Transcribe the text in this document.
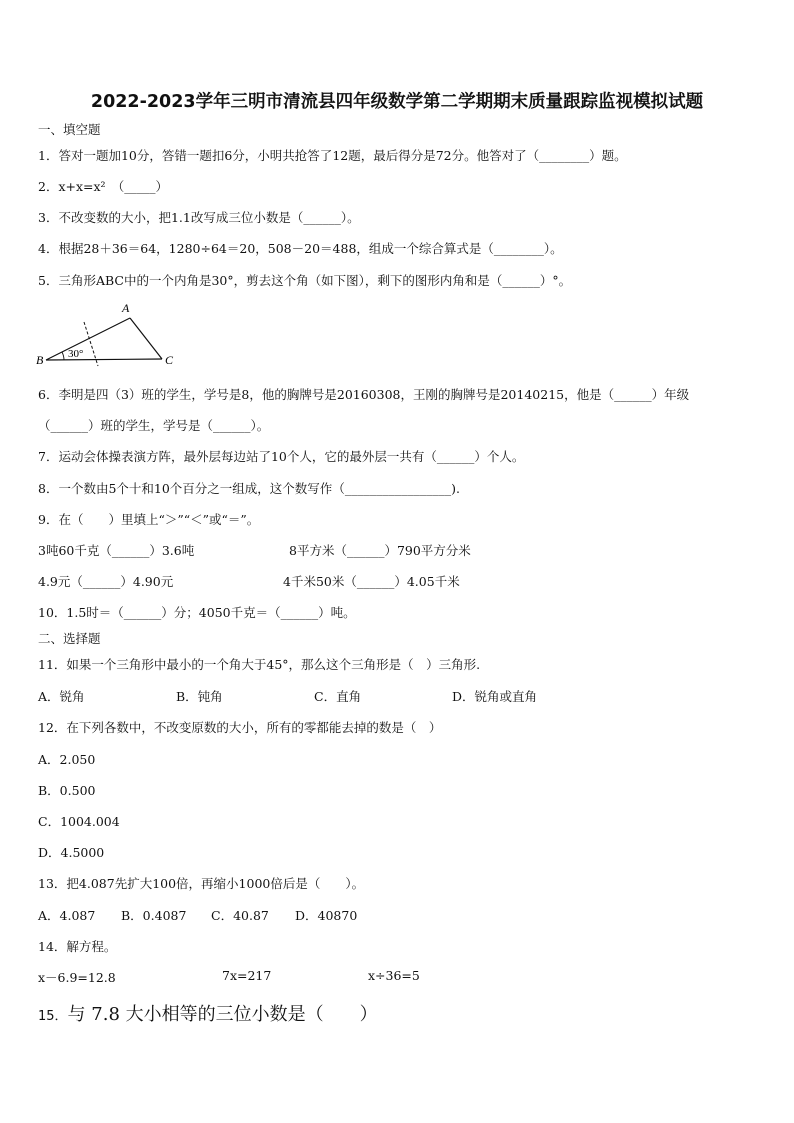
2022-2023学年三明市清流县四年级数学第二学期期末质量跟踪监视模拟试题
一、填空题
1．答对一题加10分，答错一题扣6分，小明共抢答了12题，最后得分是72分。他答对了（________）题。
2．x+x=x²　（_____）
3．不改变数的大小，把1.1改写成三位小数是（______）。
4．根据28＋36＝64，1280÷64＝20，508－20＝488，组成一个综合算式是（________）。
5．三角形ABC中的一个内角是30°，剪去这个角（如下图），剩下的图形内角和是（______）°。
30°
A
B	C
6．李明是四（3）班的学生，学号是8，他的胸牌号是20160308，王刚的胸牌号是20140215，他是（______）年级
（______）班的学生，学号是（______）。
7．运动会体操表演方阵，最外层每边站了10个人，它的最外层一共有（______）个人。
8．一个数由5个十和10个百分之一组成，这个数写作（_________________).
9．在（　　）里填上“＞”“＜”或“＝”。
3吨60千克（______）3.6吨	8平方米（______）790平方分米
4.9元（______）4.90元	4千米50米（______）4.05千米
10．1.5时＝（______）分；4050千克＝（______）吨。
二、选择题
11．如果一个三角形中最小的一个角大于45°，那么这个三角形是（　）三角形.
A．锐角	B．钝角	C．直角	D．锐角或直角
12．在下列各数中，不改变原数的大小，所有的零都能去掉的数是（　）
A．2.050
B．0.500
C．1004.004
D．4.5000
13．把4.087先扩大100倍，再缩小1000倍后是（　　）。
A．4.087 B．0.4087 C．40.87 D．40870
14．解方程。
x－6.9=12.8	7x=217	x÷36=5
15．与 7.8 大小相等的三位小数是（　　）
